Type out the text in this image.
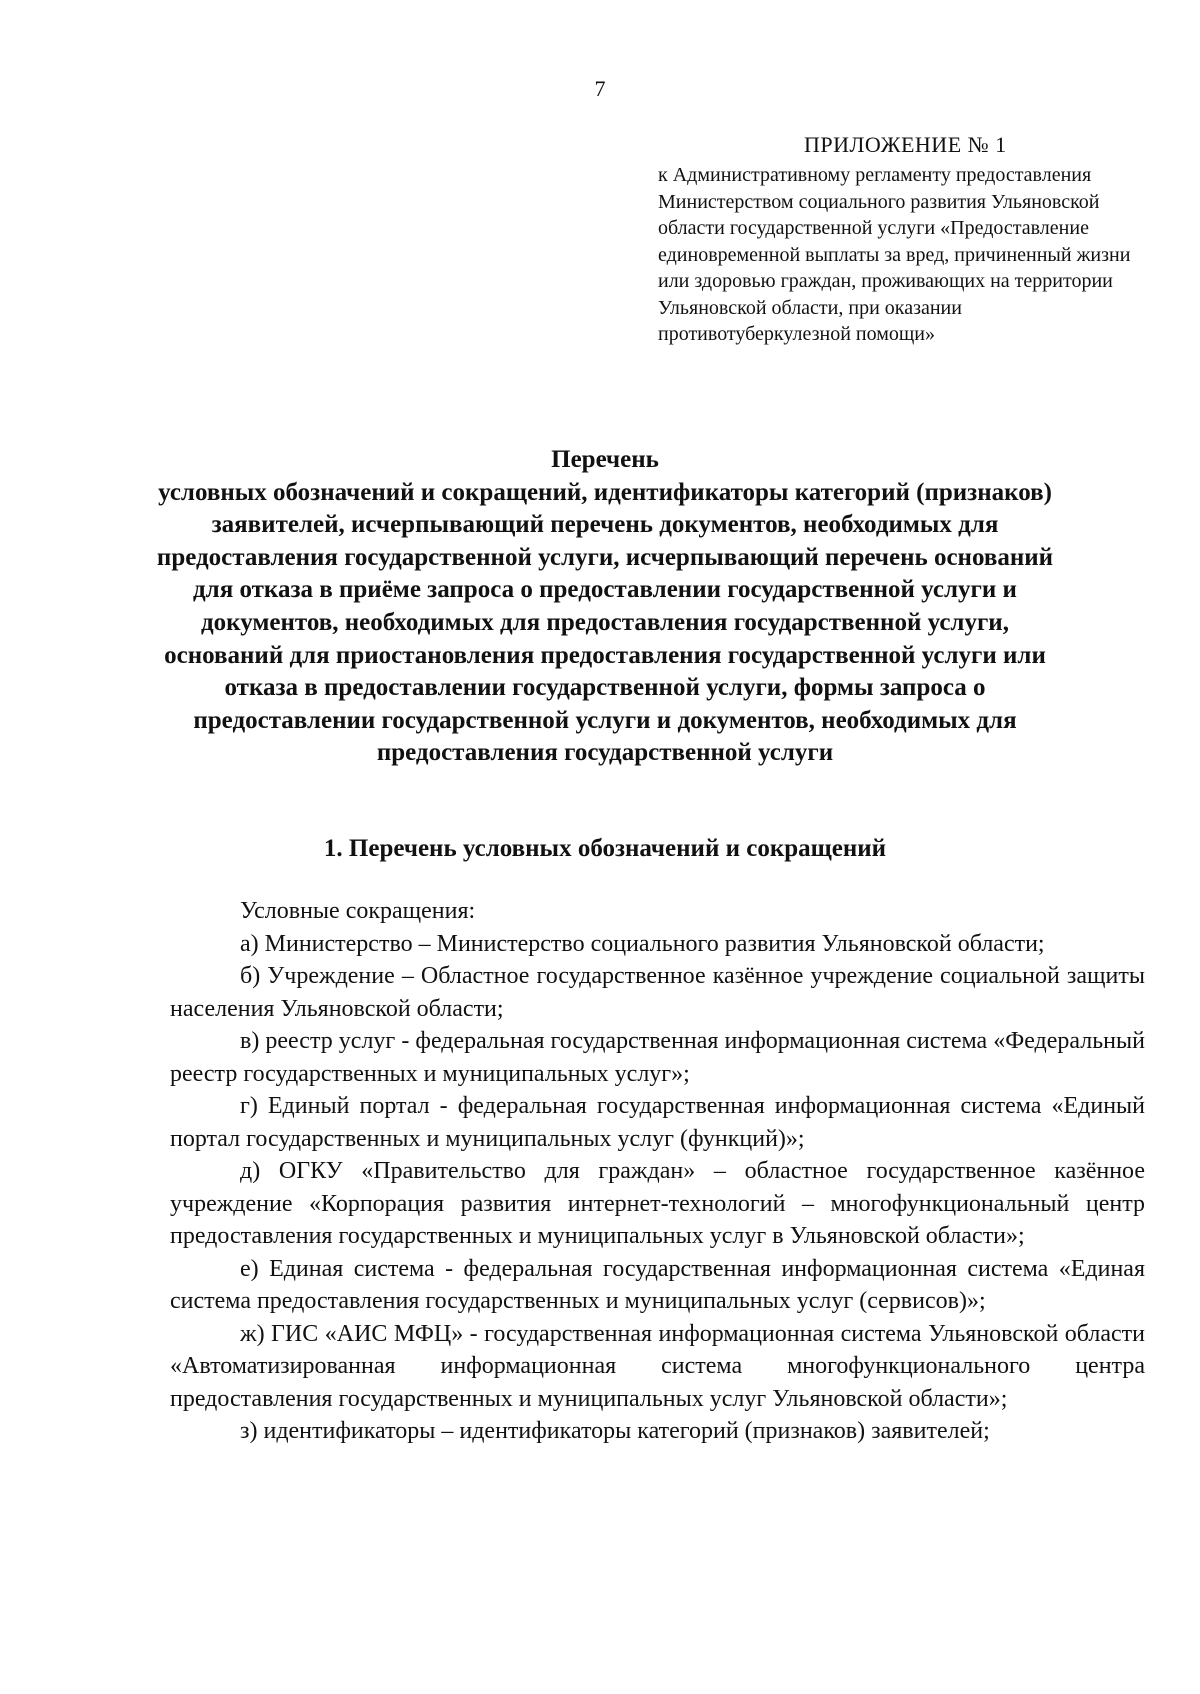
7
ПРИЛОЖЕНИЕ № 1

к Административному регламенту предоставления Министерством социального развития Ульяновской области государственной услуги «Предоставление единовременной выплаты за вред, причиненный жизни или здоровью граждан, проживающих на территории Ульяновской области, при оказании противотуберкулезной помощи»

Перечень
условных обозначений и сокращений, идентификаторы категорий (признаков) заявителей, исчерпывающий перечень документов, необходимых для предоставления государственной услуги, исчерпывающий перечень оснований для отказа в приёме запроса о предоставлении государственной услуги и документов, необходимых для предоставления государственной услуги, оснований для приостановления предоставления государственной услуги или отказа в предоставлении государственной услуги, формы запроса о предоставлении государственной услуги и документов, необходимых для предоставления государственной услуги
1. Перечень условных обозначений и сокращений

Условные сокращения:

а) Министерство – Министерство социального развития Ульяновской области;

б) Учреждение – Областное государственное казённое учреждение социальной защиты населения Ульяновской области;

в) реестр услуг - федеральная государственная информационная система «Федеральный реестр государственных и муниципальных услуг»;

г) Единый портал - федеральная государственная информационная система «Единый портал государственных и муниципальных услуг (функций)»;

д) ОГКУ «Правительство для граждан» – областное государственное казённое учреждение «Корпорация развития интернет-технологий – многофункциональный центр предоставления государственных и муниципальных услуг в Ульяновской области»;

е) Единая система - федеральная государственная информационная система «Единая система предоставления государственных и муниципальных услуг (сервисов)»;

ж) ГИС «АИС МФЦ» - государственная информационная система Ульяновской области «Автоматизированная информационная система многофункционального центра предоставления государственных и муниципальных услуг Ульяновской области»;

з) идентификаторы – идентификаторы категорий (признаков) заявителей;
